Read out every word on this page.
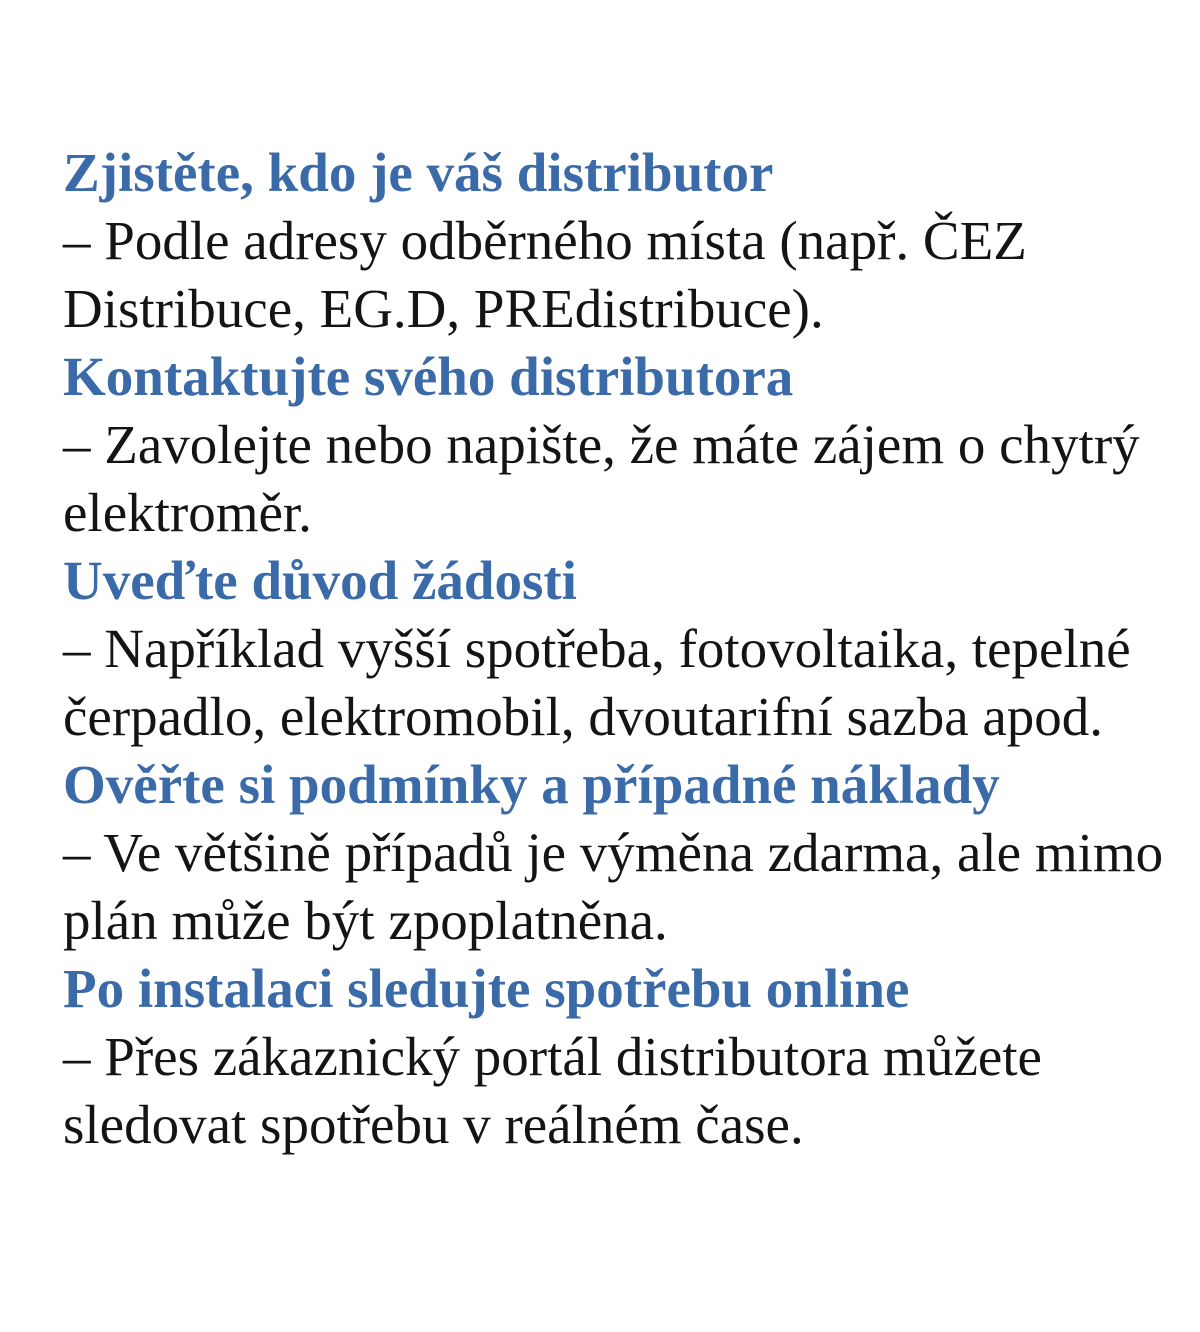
Zjistěte, kdo je váš distributor

– Podle adresy odběrného místa (např. ČEZ Distribuce, EG.D, PREdistribuce).

Kontaktujte svého distributora

– Zavolejte nebo napište, že máte zájem o chytrý elektroměr.

Uveďte důvod žádosti

– Například vyšší spotřeba, fotovoltaika, tepelné čerpadlo, elektromobil, dvoutarifní sazba apod.

Ověřte si podmínky a případné náklady

– Ve většině případů je výměna zdarma, ale mimo plán může být zpoplatněna.

Po instalaci sledujte spotřebu online

– Přes zákaznický portál distributora můžete sledovat spotřebu v reálném čase.
